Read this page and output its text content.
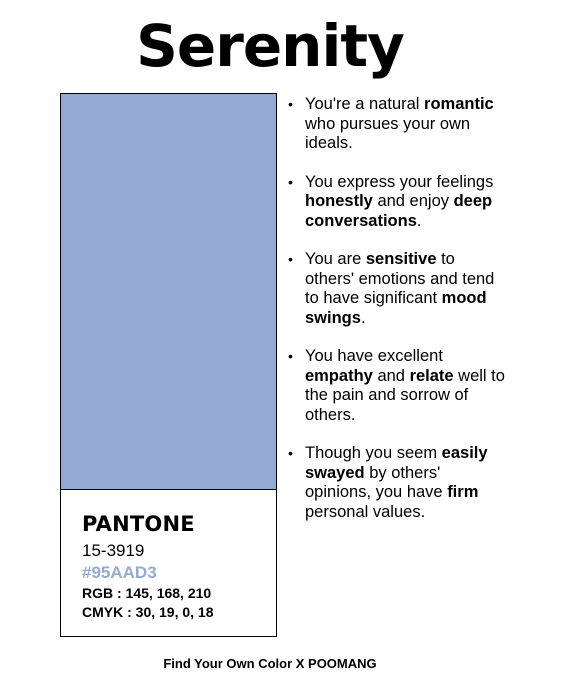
Serenity
PANTONE
15-3919
#95AAD3
RGB : 145, 168, 210
CMYK : 30, 19, 0, 18
• You're a natural romantic who pursues your own ideals.
• You express your feelings honestly and enjoy deep conversations.
• You are sensitive to others' emotions and tend to have significant mood swings.
• You have excellent empathy and relate well to the pain and sorrow of others.
• Though you seem easily swayed by others' opinions, you have firm personal values.
Find Your Own Color X POOMANG
